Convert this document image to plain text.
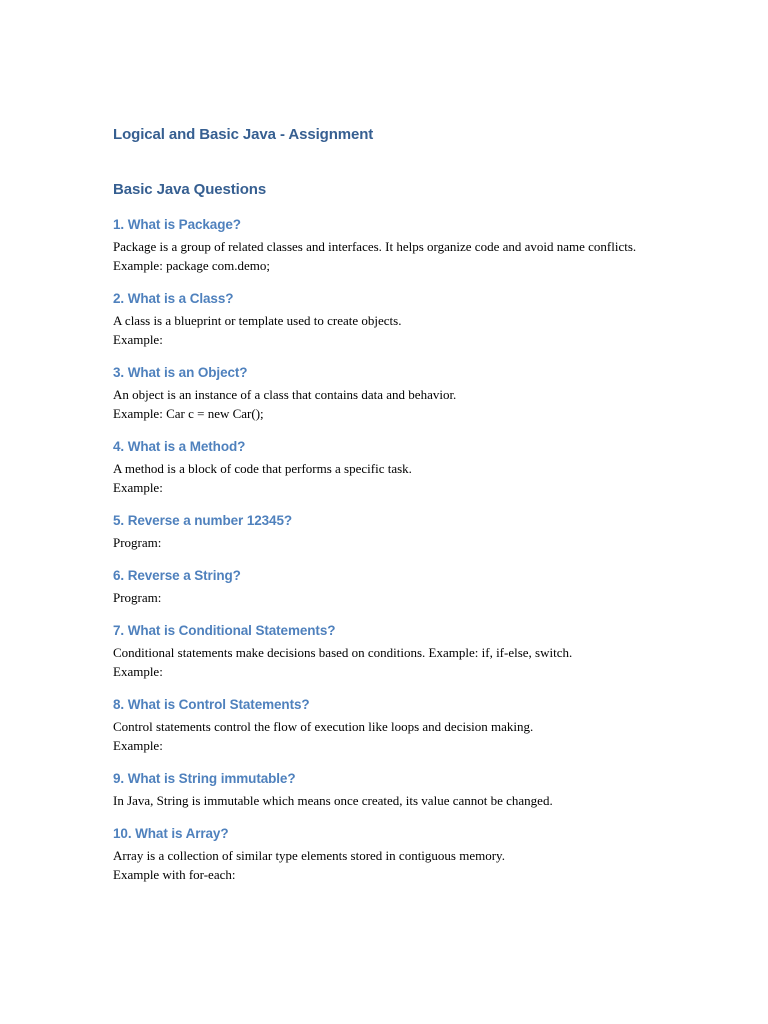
Logical and Basic Java - Assignment
Basic Java Questions
1. What is Package?

Package is a group of related classes and interfaces. It helps organize code and avoid name conflicts.

Example: package com.demo;

2. What is a Class?

A class is a blueprint or template used to create objects.

Example:

3. What is an Object?

An object is an instance of a class that contains data and behavior.

Example: Car c = new Car();

4. What is a Method?

A method is a block of code that performs a specific task.

Example:

5. Reverse a number 12345?

Program:

6. Reverse a String?

Program:

7. What is Conditional Statements?

Conditional statements make decisions based on conditions. Example: if, if-else, switch.

Example:

8. What is Control Statements?

Control statements control the flow of execution like loops and decision making.

Example:

9. What is String immutable?

In Java, String is immutable which means once created, its value cannot be changed.

10. What is Array?

Array is a collection of similar type elements stored in contiguous memory.

Example with for-each:
